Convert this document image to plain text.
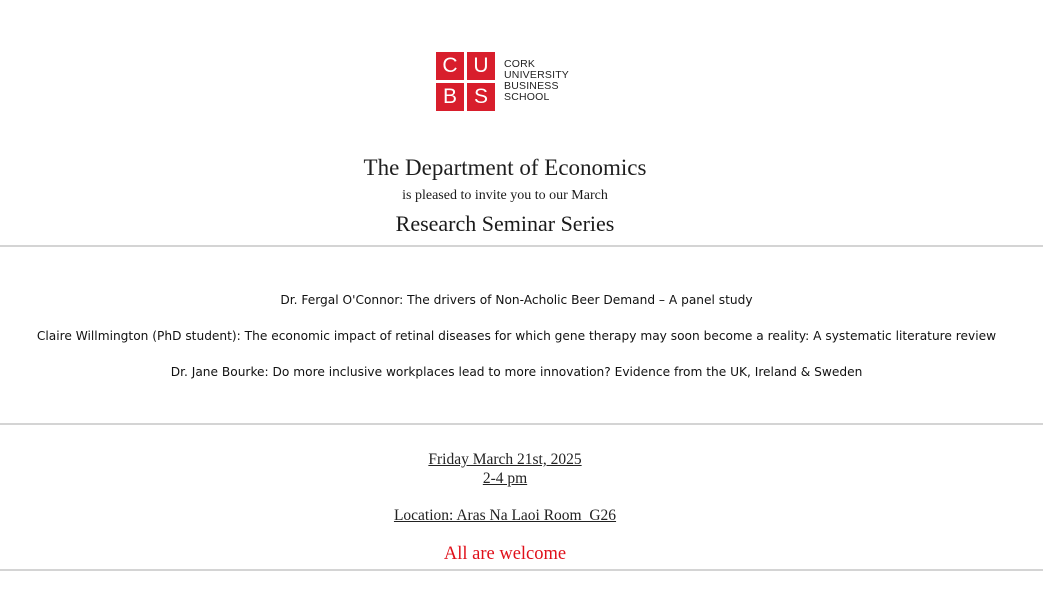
C U
B S
CORK
UNIVERSITY
BUSINESS
SCHOOL
The Department of Economics
is pleased to invite you to our March
Research Seminar Series
Dr. Fergal O'Connor: The drivers of Non-Acholic Beer Demand – A panel study
Claire Willmington (PhD student): The economic impact of retinal diseases for which gene therapy may soon become a reality: A systematic literature review
Dr. Jane Bourke: Do more inclusive workplaces lead to more innovation? Evidence from the UK, Ireland & Sweden
Friday March 21st, 2025
2-4 pm
Location: Aras Na Laoi Room_G26
All are welcome
